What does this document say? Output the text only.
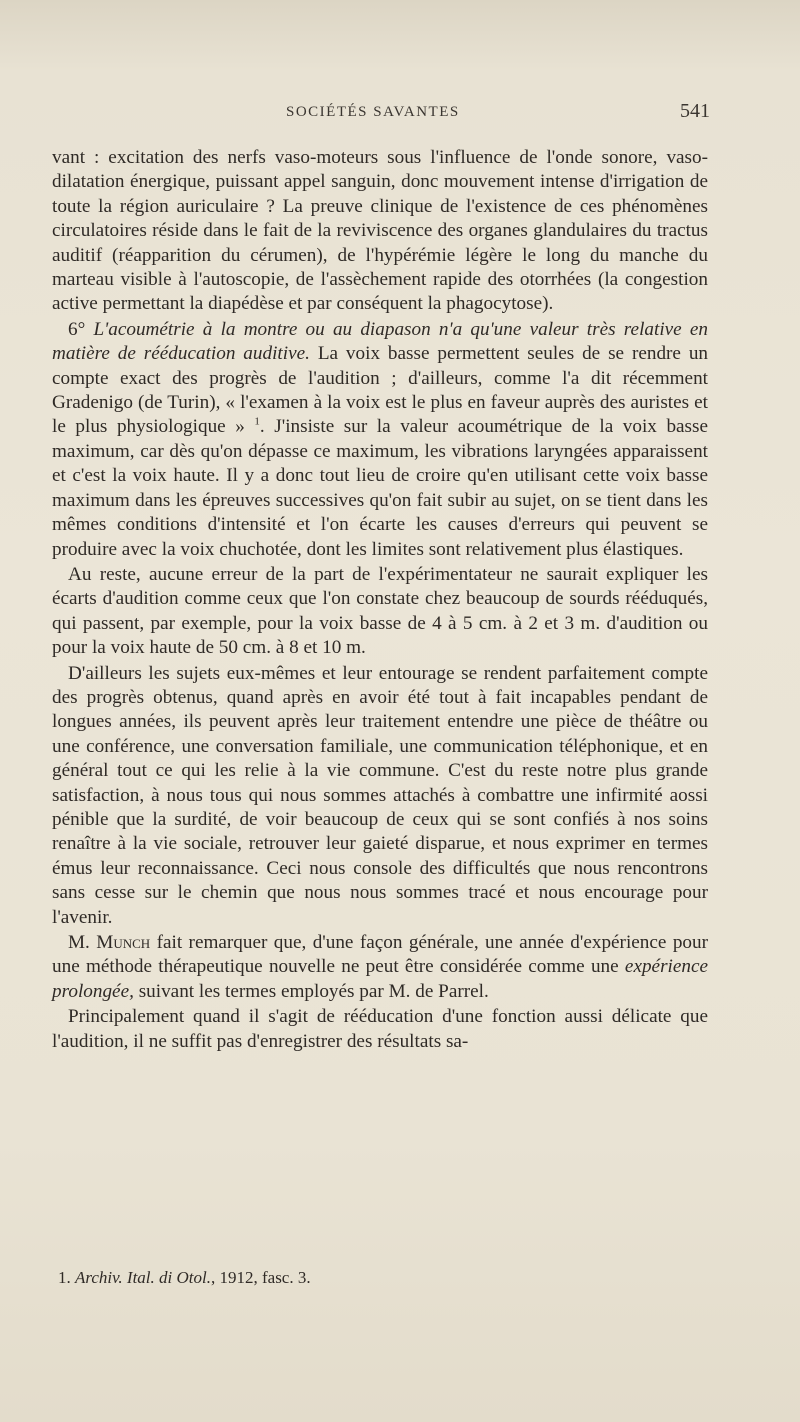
SOCIÉTÉS SAVANTES	541

vant : excitation des nerfs vaso-moteurs sous l'influence de l'onde sonore, vaso-dilatation énergique, puissant appel sanguin, donc mouvement intense d'irrigation de toute la région auriculaire ? La preuve clinique de l'existence de ces phénomènes circulatoires réside dans le fait de la reviviscence des organes glandulaires du tractus auditif (réapparition du cérumen), de l'hypérémie légère le long du manche du marteau visible à l'autoscopie, de l'assèchement rapide des otorrhées (la congestion active permettant la diapédèse et par conséquent la phagocytose).

6° L'acoumétrie à la montre ou au diapason n'a qu'une valeur très relative en matière de rééducation auditive. La voix basse permettent seules de se rendre un compte exact des progrès de l'audition ; d'ailleurs, comme l'a dit récemment Gradenigo (de Turin), « l'examen à la voix est le plus en faveur auprès des auristes et le plus physiologique » $^1$. J'insiste sur la valeur acoumétrique de la voix basse maximum, car dès qu'on dépasse ce maximum, les vibrations laryngées apparaissent et c'est la voix haute. Il y a donc tout lieu de croire qu'en utilisant cette voix basse maximum dans les épreuves successives qu'on fait subir au sujet, on se tient dans les mêmes conditions d'intensité et l'on écarte les causes d'erreurs qui peuvent se produire avec la voix chuchotée, dont les limites sont relativement plus élastiques.

Au reste, aucune erreur de la part de l'expérimentateur ne saurait expliquer les écarts d'audition comme ceux que l'on constate chez beaucoup de sourds rééduqués, qui passent, par exemple, pour la voix basse de 4 à 5 cm. à 2 et 3 m. d'audition ou pour la voix haute de 50 cm. à 8 et 10 m.

D'ailleurs les sujets eux-mêmes et leur entourage se rendent parfaitement compte des progrès obtenus, quand après en avoir été tout à fait incapables pendant de longues années, ils peuvent après leur traitement entendre une pièce de théâtre ou une conférence, une conversation familiale, une communication téléphonique, et en général tout ce qui les relie à la vie commune. C'est du reste notre plus grande satisfaction, à nous tous qui nous sommes attachés à combattre une infirmité aossi pénible que la surdité, de voir beaucoup de ceux qui se sont confiés à nos soins renaître à la vie sociale, retrouver leur gaieté disparue, et nous exprimer en termes émus leur reconnaissance. Ceci nous console des difficultés que nous rencontrons sans cesse sur le chemin que nous nous sommes tracé et nous encourage pour l'avenir.

M. Munch fait remarquer que, d'une façon générale, une année d'expérience pour une méthode thérapeutique nouvelle ne peut être considérée comme une expérience prolongée, suivant les termes employés par M. de Parrel.

Principalement quand il s'agit de rééducation d'une fonction aussi délicate que l'audition, il ne suffit pas d'enregistrer des résultats sa-

1. Archiv. Ital. di Otol., 1912, fasc. 3.
